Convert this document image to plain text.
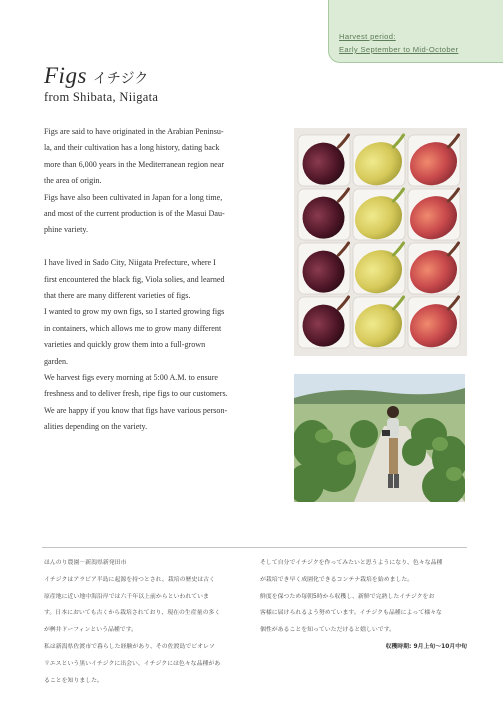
Harvest period:
Early September to Mid-October
Figs イチジク
from Shibata, Niigata

Figs are said to have originated in the Arabian Peninsu-

la, and their cultivation has a long history, dating back

more than 6,000 years in the Mediterranean region near

the area of origin.

Figs have also been cultivated in Japan for a long time,

and most of the current production is of the Masui Dau-

phine variety.

I have lived in Sado City, Niigata Prefecture, where I

first encountered the black fig, Viola solies, and learned

that there are many different varieties of figs.

I wanted to grow my own figs, so I started growing figs

in containers, which allows me to grow many different

varieties and quickly grow them into a full-grown

garden.

We harvest figs every morning at 5:00 A.M. to ensure

freshness and to deliver fresh, ripe figs to our customers.

We are happy if you know that figs have various person-

alities depending on the variety.

ほんのり農園－新潟県新発田市

イチジクはアラビア半島に起源を持つとされ、栽培の歴史は古く

原産地に近い地中海沿岸では六千年以上前からといわれていま

す。日本においても古くから栽培されており、現在の生産量の多く

が桝井ドーフィンという品種です。

私は新潟県佐渡市で暮らした経験があり、その佐渡島でビオレソ

リエスという黒いイチジクに出会い、イチジクには色々な品種があ

ることを知りました。

そして自分でイチジクを作ってみたいと思うようになり、色々な品種

が栽培でき早く成園化できるコンテナ栽培を始めました。

鮮度を保つため毎朝5時から収穫し、新鮮で完熟したイチジクをお

客様に届けられるよう努めています。イチジクも品種によって様々な

個性があることを知っていただけると嬉しいです。

収穫時期: 9月上旬〜10月中旬
